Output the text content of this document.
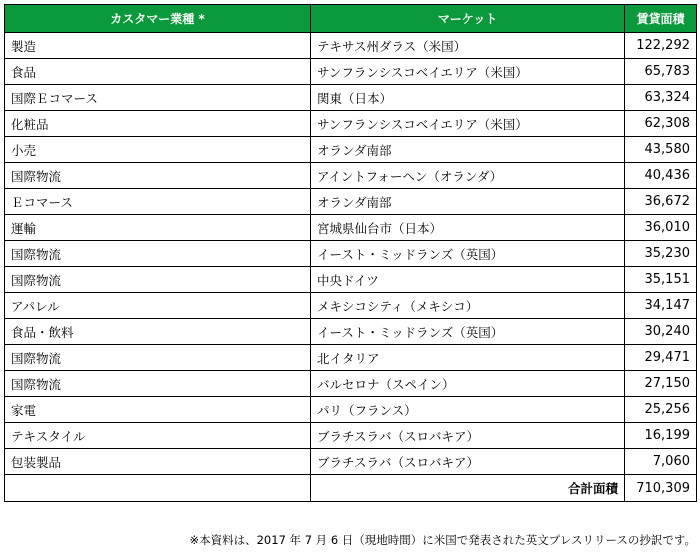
カスタマー業種 *	マーケット	賃貸面積
製造	テキサス州ダラス（米国）	122,292
食品	サンフランシスコベイエリア（米国）	65,783
国際Ｅコマース	関東（日本）	63,324
化粧品	サンフランシスコベイエリア（米国）	62,308
小売	オランダ南部	43,580
国際物流	アイントフォーヘン（オランダ）	40,436
Ｅコマース	オランダ南部	36,672
運輸	宮城県仙台市（日本）	36,010
国際物流	イースト・ミッドランズ（英国）	35,230
国際物流	中央ドイツ	35,151
アパレル	メキシコシティ（メキシコ）	34,147
食品・飲料	イースト・ミッドランズ（英国）	30,240
国際物流	北イタリア	29,471
国際物流	バルセロナ（スペイン）	27,150
家電	パリ（フランス）	25,256
テキスタイル	ブラチスラバ（スロバキア）	16,199
包装製品	ブラチスラバ（スロバキア）	7,060
	合計面積	710,309
※本資料は、2017 年 7 月 6 日（現地時間）に米国で発表された英文プレスリリースの抄訳です。
